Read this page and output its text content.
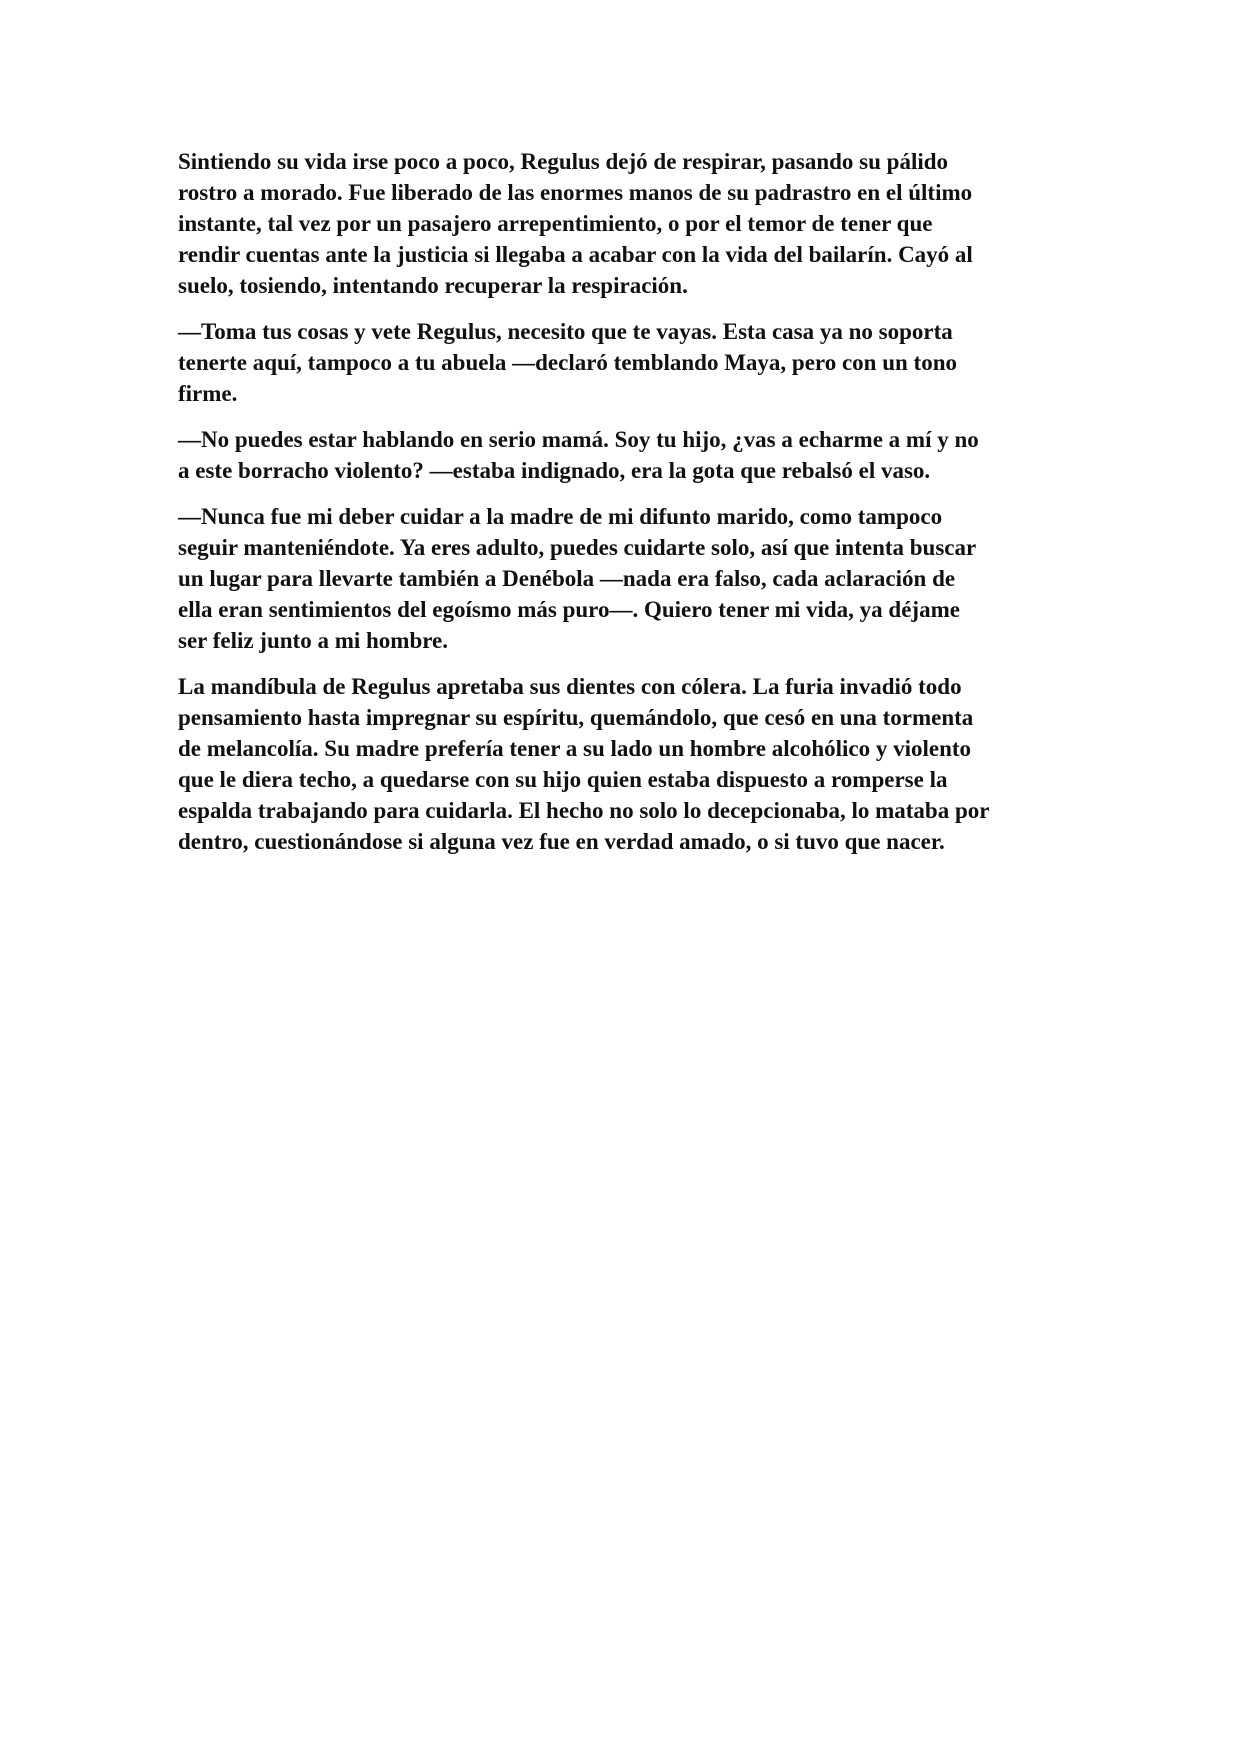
Sintiendo su vida irse poco a poco, Regulus dejó de respirar, pasando su pálido
rostro a morado. Fue liberado de las enormes manos de su padrastro en el último
instante, tal vez por un pasajero arrepentimiento, o por el temor de tener que
rendir cuentas ante la justicia si llegaba a acabar con la vida del bailarín. Cayó al
suelo, tosiendo, intentando recuperar la respiración.

—Toma tus cosas y vete Regulus, necesito que te vayas. Esta casa ya no soporta
tenerte aquí, tampoco a tu abuela —declaró temblando Maya, pero con un tono
firme.

—No puedes estar hablando en serio mamá. Soy tu hijo, ¿vas a echarme a mí y no
a este borracho violento? —estaba indignado, era la gota que rebalsó el vaso.

—Nunca fue mi deber cuidar a la madre de mi difunto marido, como tampoco
seguir manteniéndote. Ya eres adulto, puedes cuidarte solo, así que intenta buscar
un lugar para llevarte también a Denébola —nada era falso, cada aclaración de
ella eran sentimientos del egoísmo más puro—. Quiero tener mi vida, ya déjame
ser feliz junto a mi hombre.

La mandíbula de Regulus apretaba sus dientes con cólera. La furia invadió todo
pensamiento hasta impregnar su espíritu, quemándolo, que cesó en una tormenta
de melancolía. Su madre prefería tener a su lado un hombre alcohólico y violento
que le diera techo, a quedarse con su hijo quien estaba dispuesto a romperse la
espalda trabajando para cuidarla. El hecho no solo lo decepcionaba, lo mataba por
dentro, cuestionándose si alguna vez fue en verdad amado, o si tuvo que nacer.
